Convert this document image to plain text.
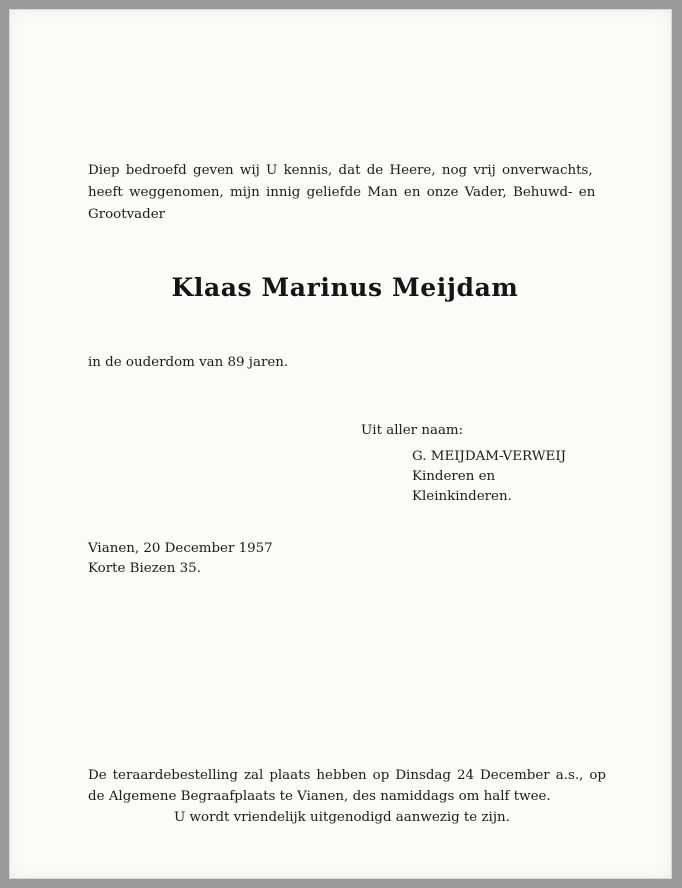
Diep bedroefd geven wij U kennis, dat de Heere, nog vrij onverwachts,
heeft weggenomen, mijn innig geliefde Man en onze Vader, Behuwd- en
Grootvader
Klaas Marinus Meijdam
in de ouderdom van 89 jaren.
Uit aller naam:
G. MEIJDAM-VERWEIJ
Kinderen en
Kleinkinderen.
Vianen, 20 December 1957
Korte Biezen 35.
De teraardebestelling zal plaats hebben op Dinsdag 24 December a.s., op
de Algemene Begraafplaats te Vianen, des namiddags om half twee.
U wordt vriendelijk uitgenodigd aanwezig te zijn.
